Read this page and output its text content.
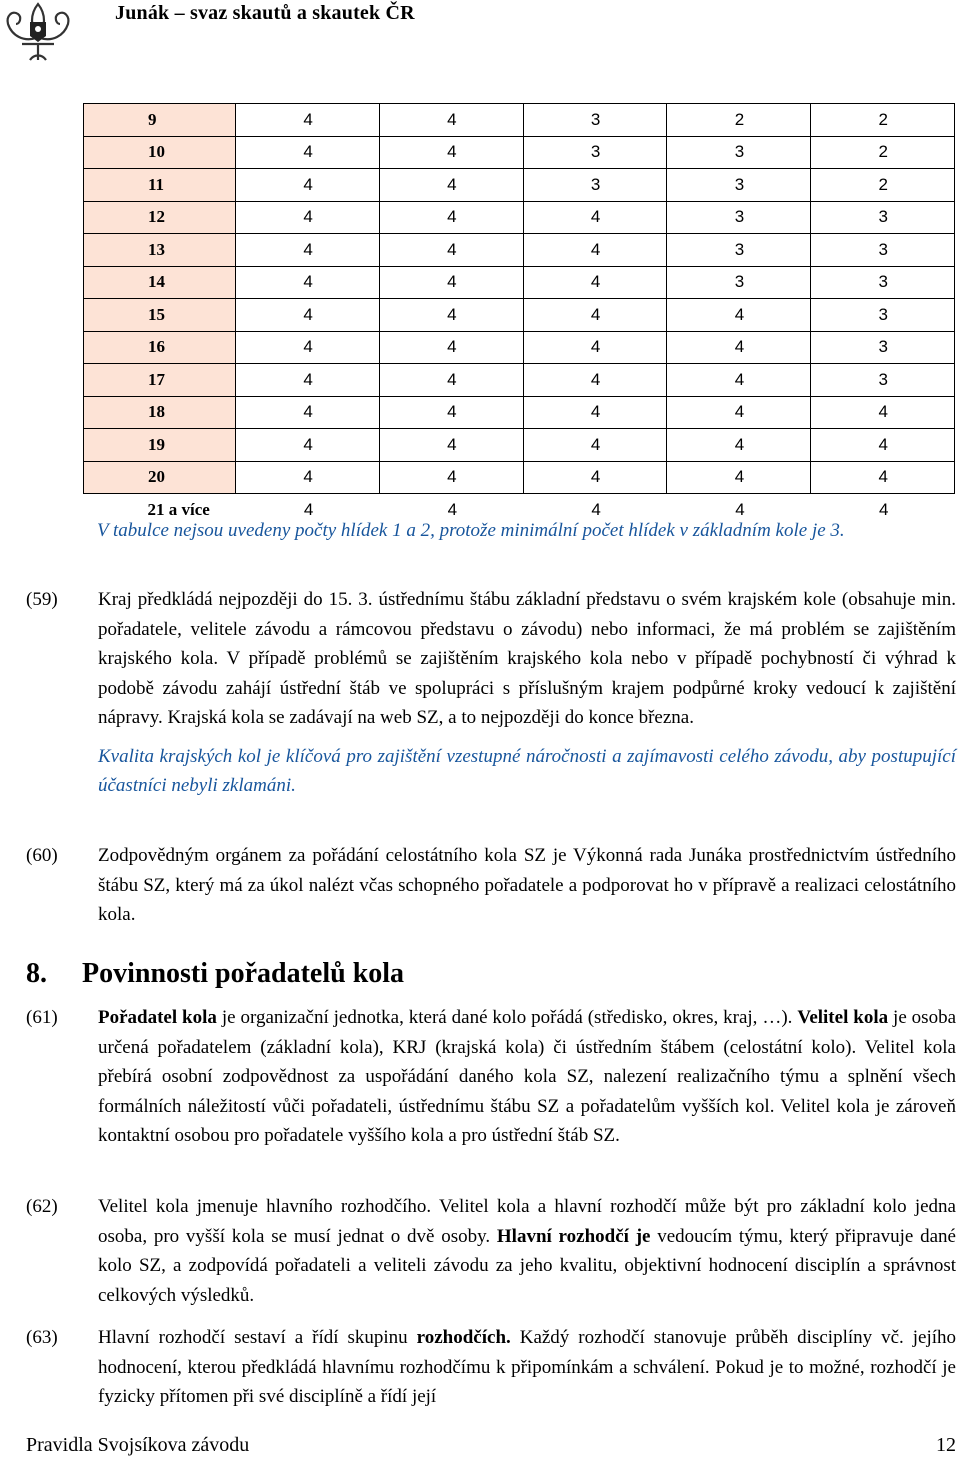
Junák – svaz skautů a skautek ČR
9	4	4	3	2	2
10	4	4	3	3	2
11	4	4	3	3	2
12	4	4	4	3	3
13	4	4	4	3	3
14	4	4	4	3	3
15	4	4	4	4	3
16	4	4	4	4	3
17	4	4	4	4	3
18	4	4	4	4	4
19	4	4	4	4	4
20	4	4	4	4	4
21 a více	4	4	4	4	4
V tabulce nejsou uvedeny počty hlídek 1 a 2, protože minimální počet hlídek v základním kole je 3.
(59) Kraj předkládá nejpozději do 15. 3. ústřednímu štábu základní představu o svém krajském kole (obsahuje min. pořadatele, velitele závodu a rámcovou představu o závodu) nebo informaci, že má problém se zajištěním krajského kola. V případě problémů se zajištěním krajského kola nebo v případě pochybností či výhrad k podobě závodu zahájí ústřední štáb ve spolupráci s příslušným krajem podpůrné kroky vedoucí k zajištění nápravy. Krajská kola se zadávají na web SZ, a to nejpozději do konce března.
Kvalita krajských kol je klíčová pro zajištění vzestupné náročnosti a zajímavosti celého závodu, aby postupující účastníci nebyli zklamáni.
(60) Zodpovědným orgánem za pořádání celostátního kola SZ je Výkonná rada Junáka prostřednictvím ústředního štábu SZ, který má za úkol nalézt včas schopného pořadatele a podporovat ho v přípravě a realizaci celostátního kola.
8. Povinnosti pořadatelů kola
(61) Pořadatel kola je organizační jednotka, která dané kolo pořádá (středisko, okres, kraj, …). Velitel kola je osoba určená pořadatelem (základní kola), KRJ (krajská kola) či ústředním štábem (celostátní kolo). Velitel kola přebírá osobní zodpovědnost za uspořádání daného kola SZ, nalezení realizačního týmu a splnění všech formálních náležitostí vůči pořadateli, ústřednímu štábu SZ a pořadatelům vyšších kol. Velitel kola je zároveň kontaktní osobou pro pořadatele vyššího kola a pro ústřední štáb SZ.
(62) Velitel kola jmenuje hlavního rozhodčího. Velitel kola a hlavní rozhodčí může být pro základní kolo jedna osoba, pro vyšší kola se musí jednat o dvě osoby. Hlavní rozhodčí je vedoucím týmu, který připravuje dané kolo SZ, a zodpovídá pořadateli a veliteli závodu za jeho kvalitu, objektivní hodnocení disciplín a správnost celkových výsledků.
(63) Hlavní rozhodčí sestaví a řídí skupinu rozhodčích. Každý rozhodčí stanovuje průběh disciplíny vč. jejího hodnocení, kterou předkládá hlavnímu rozhodčímu k připomínkám a schválení. Pokud je to možné, rozhodčí je fyzicky přítomen při své disciplíně a řídí její
Pravidla Svojsíkova závodu	12
